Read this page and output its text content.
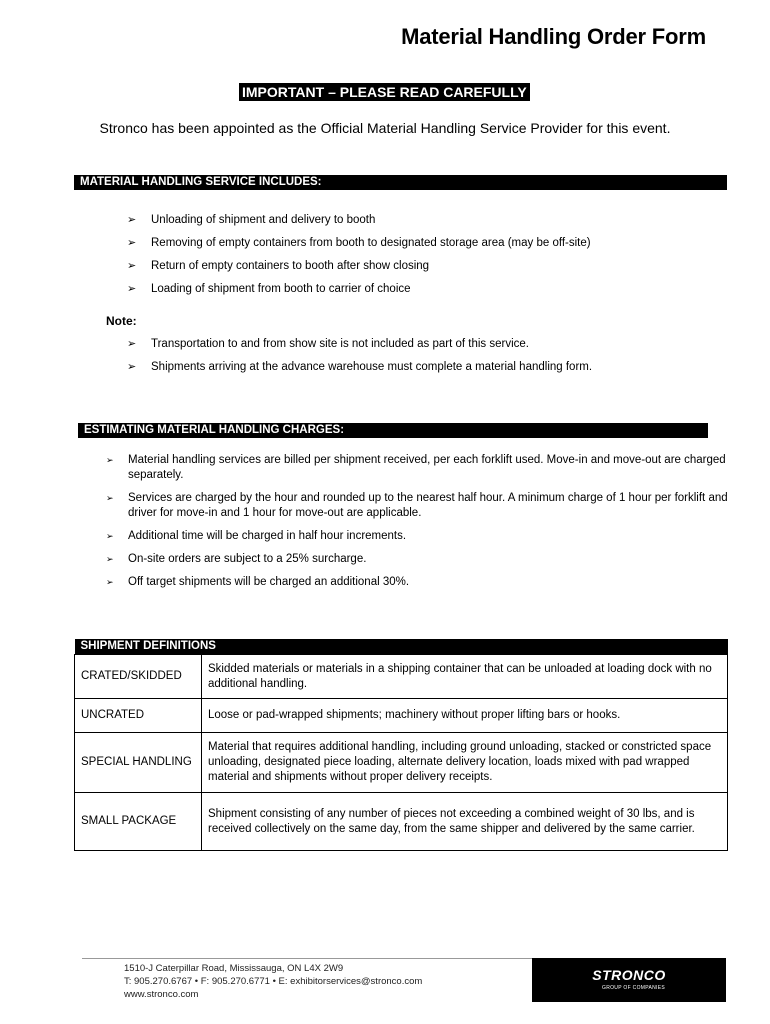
Material Handling Order Form
IMPORTANT – PLEASE READ CAREFULLY
Stronco has been appointed as the Official Material Handling Service Provider for this event.
MATERIAL HANDLING SERVICE INCLUDES:
➢ Unloading of shipment and delivery to booth
➢ Removing of empty containers from booth to designated storage area (may be off-site)
➢ Return of empty containers to booth after show closing
➢ Loading of shipment from booth to carrier of choice
Note:
➢ Transportation to and from show site is not included as part of this service.
➢ Shipments arriving at the advance warehouse must complete a material handling form.
ESTIMATING MATERIAL HANDLING CHARGES:
➢ Material handling services are billed per shipment received, per each forklift used. Move-in and move-out are charged separately.
➢ Services are charged by the hour and rounded up to the nearest half hour. A minimum charge of 1 hour per forklift and driver for move-in and 1 hour for move-out are applicable.
➢ Additional time will be charged in half hour increments.
➢ On-site orders are subject to a 25% surcharge.
➢ Off target shipments will be charged an additional 30%.
SHIPMENT DEFINITIONS	
CRATED/SKIDDED	Skidded materials or materials in a shipping container that can be unloaded at loading dock with no additional handling.
UNCRATED	Loose or pad-wrapped shipments; machinery without proper lifting bars or hooks.
SPECIAL HANDLING	Material that requires additional handling, including ground unloading, stacked or constricted space unloading, designated piece loading, alternate delivery location, loads mixed with pad wrapped material and shipments without proper delivery receipts.
SMALL PACKAGE	Shipment consisting of any number of pieces not exceeding a combined weight of 30 lbs, and is received collectively on the same day, from the same shipper and delivered by the same carrier.
1510-J Caterpillar Road, Mississauga, ON L4X 2W9
T: 905.270.6767 • F: 905.270.6771 • E: exhibitorservices@stronco.com
www.stronco.com
STRONCO
GROUP OF COMPANIES
